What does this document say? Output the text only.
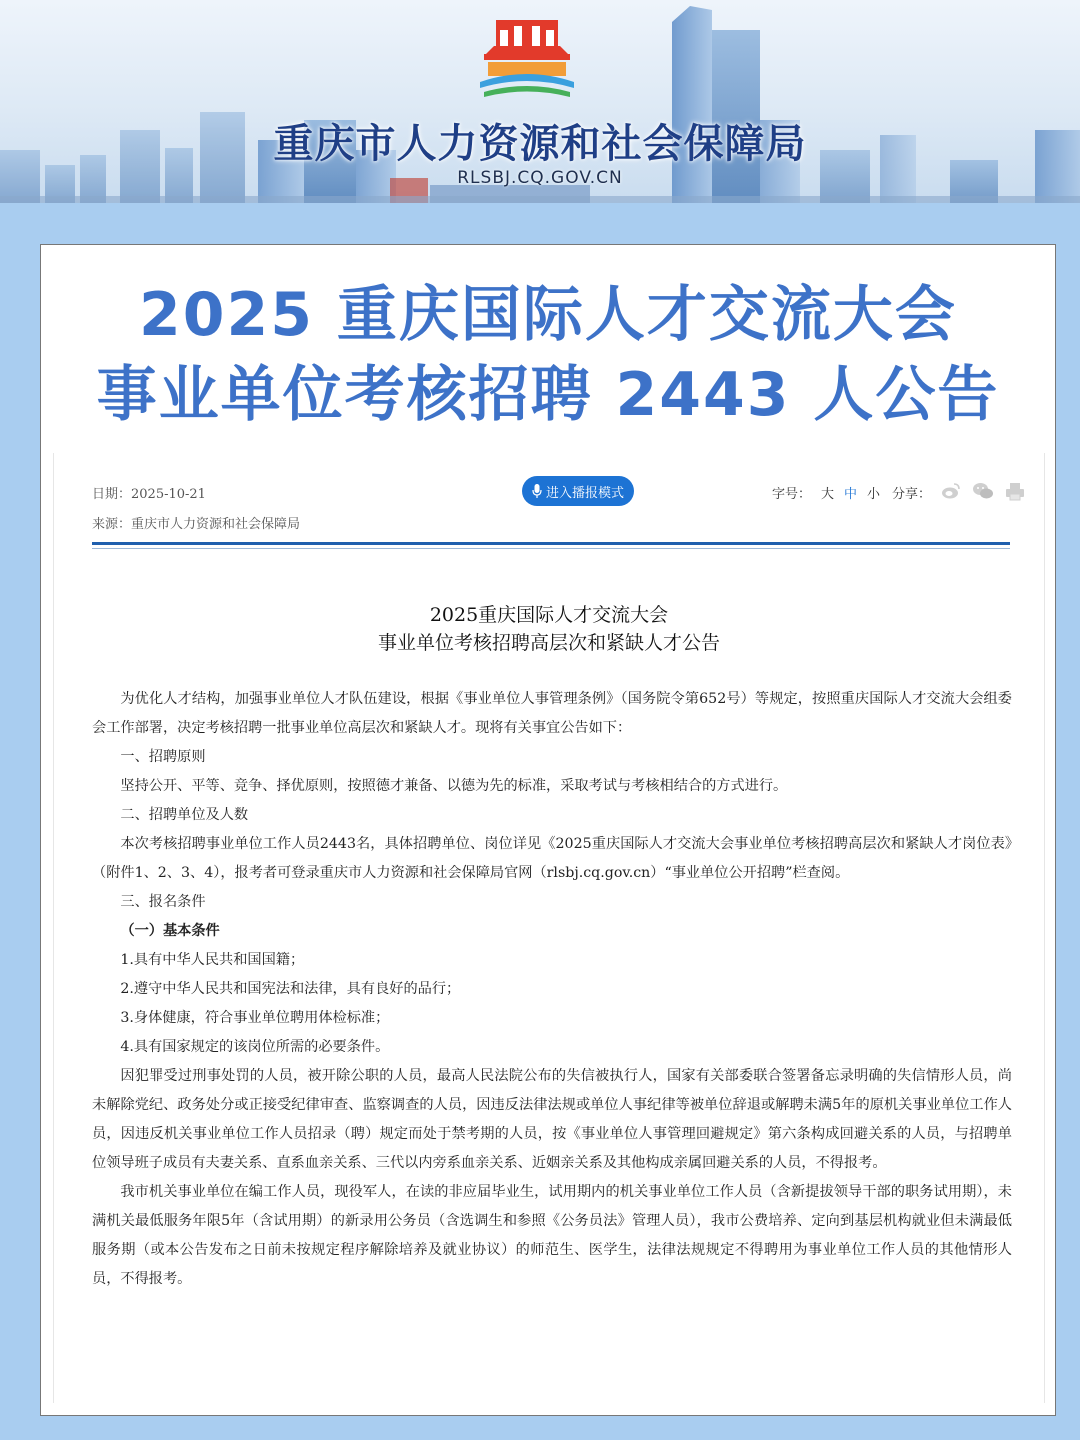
重庆市人力资源和社会保障局
RLSBJ.CQ.GOV.CN
2025 重庆国际人才交流大会
事业单位考核招聘 2443 人公告
日期：2025-10-21
来源：重庆市人力资源和社会保障局
进入播报模式	字号： 大 中 小 分享：
2025重庆国际人才交流大会
事业单位考核招聘高层次和紧缺人才公告

为优化人才结构，加强事业单位人才队伍建设，根据《事业单位人事管理条例》（国务院令第652号）等规定，按照重庆国际人才交流大会组委会工作部署，决定考核招聘一批事业单位高层次和紧缺人才。现将有关事宜公告如下：

一、招聘原则

坚持公开、平等、竞争、择优原则，按照德才兼备、以德为先的标准，采取考试与考核相结合的方式进行。

二、招聘单位及人数

本次考核招聘事业单位工作人员2443名，具体招聘单位、岗位详见《2025重庆国际人才交流大会事业单位考核招聘高层次和紧缺人才岗位表》（附件1、2、3、4），报考者可登录重庆市人力资源和社会保障局官网（rlsbj.cq.gov.cn）“事业单位公开招聘”栏查阅。

三、报名条件

（一）基本条件

1.具有中华人民共和国国籍；

2.遵守中华人民共和国宪法和法律，具有良好的品行；

3.身体健康，符合事业单位聘用体检标准；

4.具有国家规定的该岗位所需的必要条件。

因犯罪受过刑事处罚的人员，被开除公职的人员，最高人民法院公布的失信被执行人，国家有关部委联合签署备忘录明确的失信情形人员，尚未解除党纪、政务处分或正接受纪律审查、监察调查的人员，因违反法律法规或单位人事纪律等被单位辞退或解聘未满5年的原机关事业单位工作人员，因违反机关事业单位工作人员招录（聘）规定而处于禁考期的人员，按《事业单位人事管理回避规定》第六条构成回避关系的人员，与招聘单位领导班子成员有夫妻关系、直系血亲关系、三代以内旁系血亲关系、近姻亲关系及其他构成亲属回避关系的人员，不得报考。

我市机关事业单位在编工作人员，现役军人，在读的非应届毕业生，试用期内的机关事业单位工作人员（含新提拔领导干部的职务试用期），未满机关最低服务年限5年（含试用期）的新录用公务员（含选调生和参照《公务员法》管理人员），我市公费培养、定向到基层机构就业但未满最低服务期（或本公告发布之日前未按规定程序解除培养及就业协议）的师范生、医学生，法律法规规定不得聘用为事业单位工作人员的其他情形人员，不得报考。
